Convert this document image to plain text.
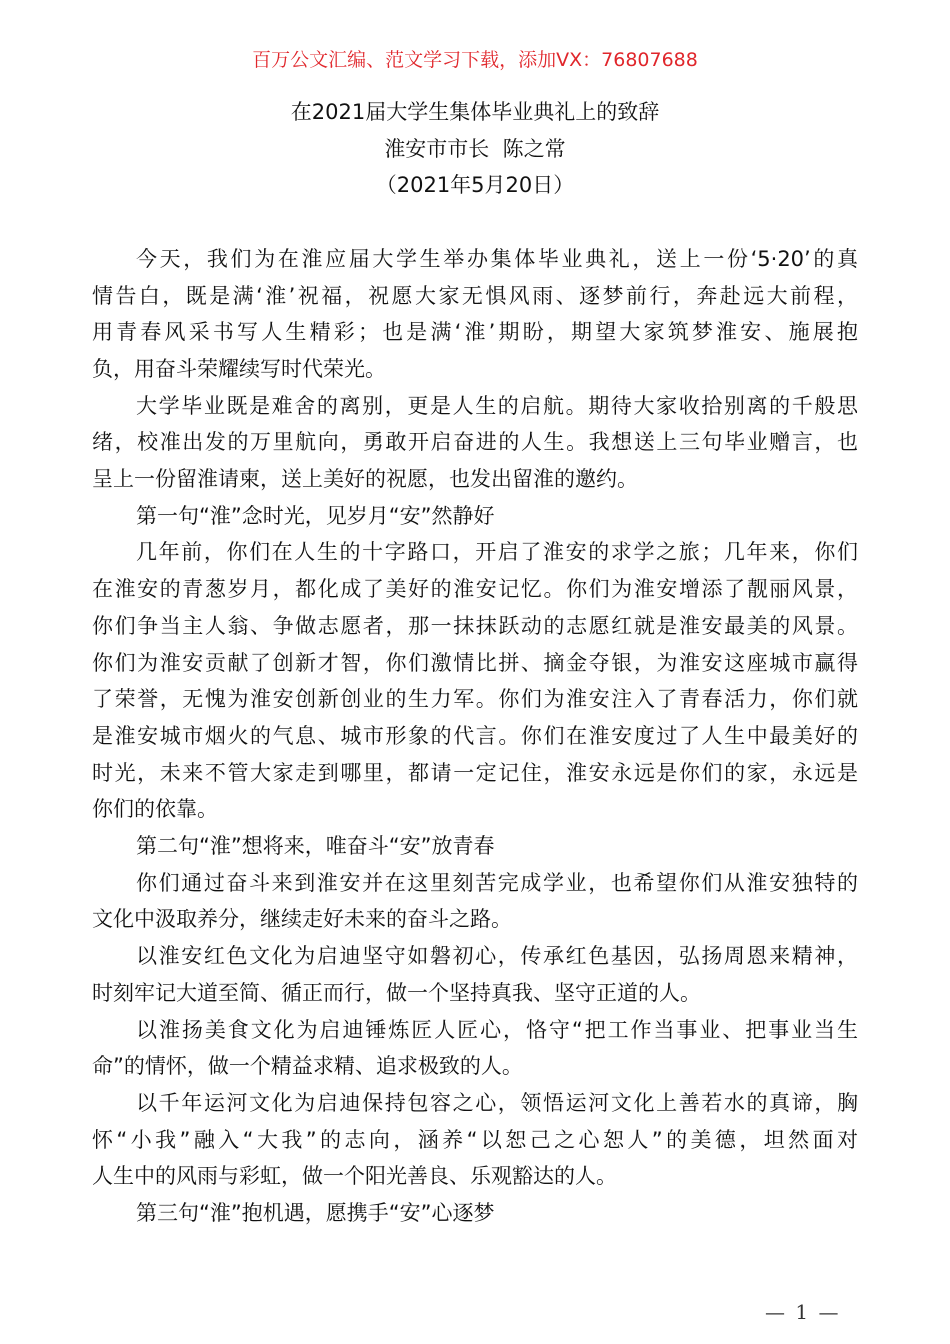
百万公文汇编、范文学习下载，添加VX：76807688
在2021届大学生集体毕业典礼上的致辞
淮安市市长  陈之常
（2021年5月20日）
今天，我们为在淮应届大学生举办集体毕业典礼，送上一份‘5·20’的真
情告白，既是满‘淮’祝福，祝愿大家无惧风雨、逐梦前行，奔赴远大前程，
用青春风采书写人生精彩；也是满‘淮’期盼，期望大家筑梦淮安、施展抱
负，用奋斗荣耀续写时代荣光。
大学毕业既是难舍的离别，更是人生的启航。期待大家收拾别离的千般思
绪，校准出发的万里航向，勇敢开启奋进的人生。我想送上三句毕业赠言，也
呈上一份留淮请柬，送上美好的祝愿，也发出留淮的邀约。
第一句“淮”念时光，见岁月“安”然静好
几年前，你们在人生的十字路口，开启了淮安的求学之旅；几年来，你们
在淮安的青葱岁月，都化成了美好的淮安记忆。你们为淮安增添了靓丽风景，
你们争当主人翁、争做志愿者，那一抹抹跃动的志愿红就是淮安最美的风景。
你们为淮安贡献了创新才智，你们激情比拼、摘金夺银，为淮安这座城市赢得
了荣誉，无愧为淮安创新创业的生力军。你们为淮安注入了青春活力，你们就
是淮安城市烟火的气息、城市形象的代言。你们在淮安度过了人生中最美好的
时光，未来不管大家走到哪里，都请一定记住，淮安永远是你们的家，永远是
你们的依靠。
第二句“淮”想将来，唯奋斗“安”放青春
你们通过奋斗来到淮安并在这里刻苦完成学业，也希望你们从淮安独特的
文化中汲取养分，继续走好未来的奋斗之路。
以淮安红色文化为启迪坚守如磐初心，传承红色基因，弘扬周恩来精神，
时刻牢记大道至简、循正而行，做一个坚持真我、坚守正道的人。
以淮扬美食文化为启迪锤炼匠人匠心，恪守“把工作当事业、把事业当生
命”的情怀，做一个精益求精、追求极致的人。
以千年运河文化为启迪保持包容之心，领悟运河文化上善若水的真谛，胸
怀“小我”融入“大我”的志向，涵养“以恕己之心恕人”的美德，坦然面对
人生中的风雨与彩虹，做一个阳光善良、乐观豁达的人。
第三句“淮”抱机遇，愿携手“安”心逐梦
— 1 —
